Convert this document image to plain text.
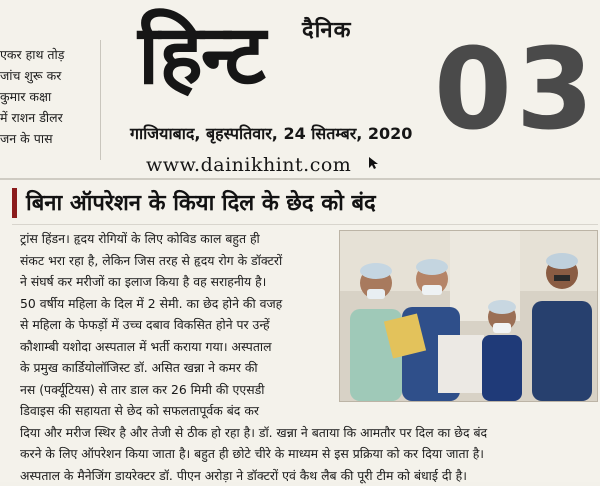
एकर हाथ तोड़
जांच शुरू कर
कुमार कक्षा
में राशन डीलर
जन के पास
हिन्ट दैनिक
गाजियाबाद, बृहस्पतिवार, 24 सितम्बर, 2020
www.dainikhint.com
03
बिना ऑपरेशन के किया दिल के छेद को बंद
ट्रांस हिंडन। हृदय रोगियों के लिए कोविड काल बहुत ही
संकट भरा रहा है, लेकिन जिस तरह से हृदय रोग के डॉक्टरों
ने संघर्ष कर मरीजों का इलाज किया है वह सराहनीय है।
50 वर्षीय महिला के दिल में 2 सेमी. का छेद होने की वजह
से महिला के फेफड़ों में उच्च दबाव विकसित होने पर उन्हें
कौशाम्बी यशोदा अस्पताल में भर्ती कराया गया। अस्पताल
के प्रमुख कार्डियोलॉजिस्ट डॉ. असित खन्ना ने कमर की
नस (पर्क्यूटियस) से तार डाल कर 26 मिमी की एएसडी
डिवाइस की सहायता से छेद को सफलतापूर्वक बंद कर
दिया और मरीज स्थिर है और तेजी से ठीक हो रहा है। डॉ. खन्ना ने बताया कि आमतौर पर दिल का छेद बंद
करने के लिए ऑपरेशन किया जाता है। बहुत ही छोटे चीरे के माध्यम से इस प्रक्रिया को कर दिया जाता है।
अस्पताल के मैनेजिंग डायरेक्टर डॉ. पीएन अरोड़ा ने डॉक्टरों एवं कैथ लैब की पूरी टीम को बंधाई दी है।
